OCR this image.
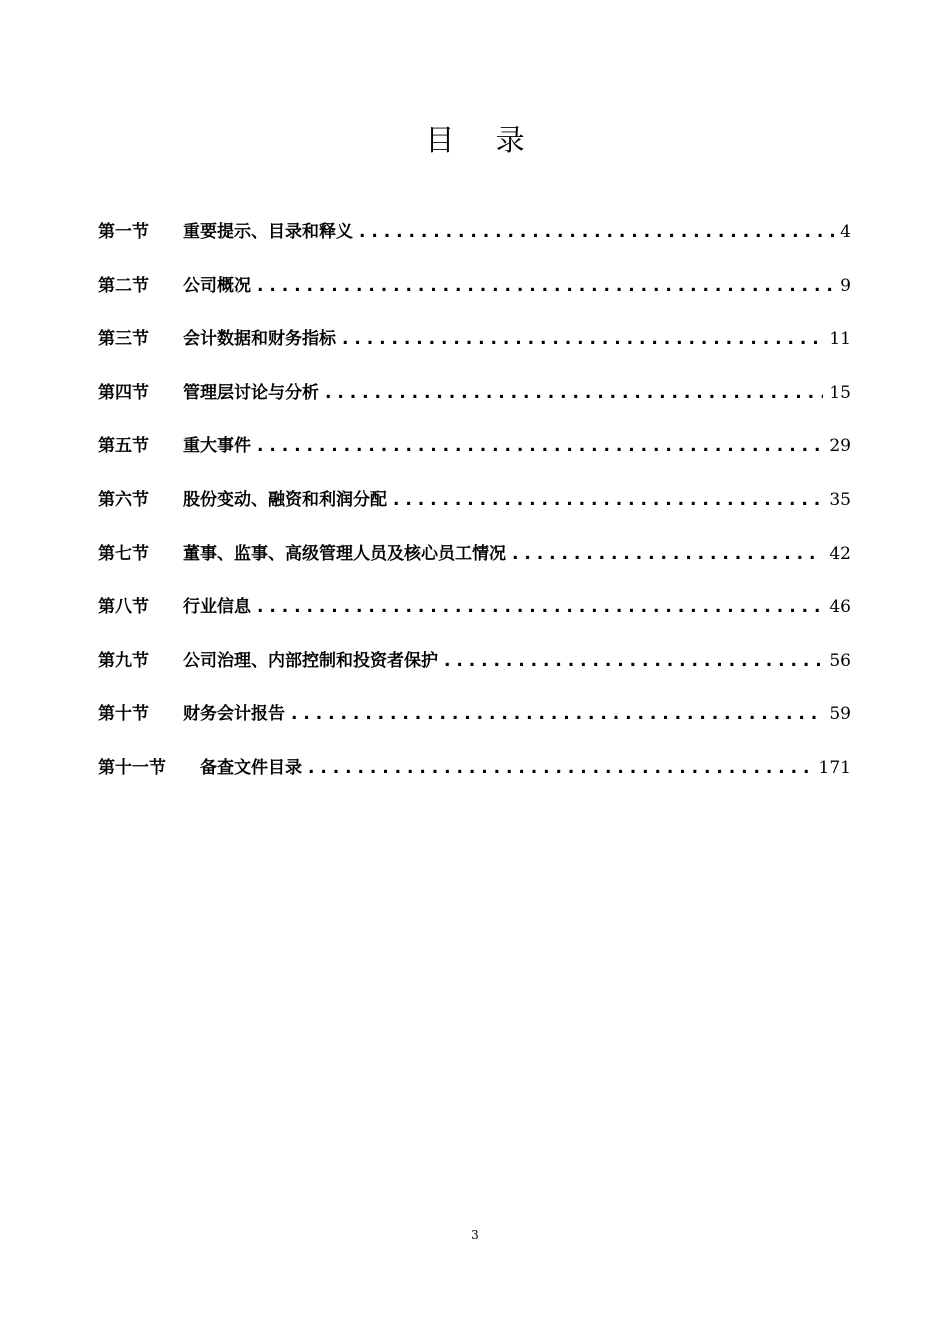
目 录
第一节	重要提示、目录和释义 . . .	4
第二节	公司概况 . . .	9
第三节	会计数据和财务指标 . . .	11
第四节	管理层讨论与分析 . . .	15
第五节	重大事件 . . .	29
第六节	股份变动、融资和利润分配 . . .	35
第七节	董事、监事、高级管理人员及核心员工情况 . . .	42
第八节	行业信息 . . .	46
第九节	公司治理、内部控制和投资者保护 . . .	56
第十节	财务会计报告 . . .	59
第十一节	备查文件目录 . . .	171
3
